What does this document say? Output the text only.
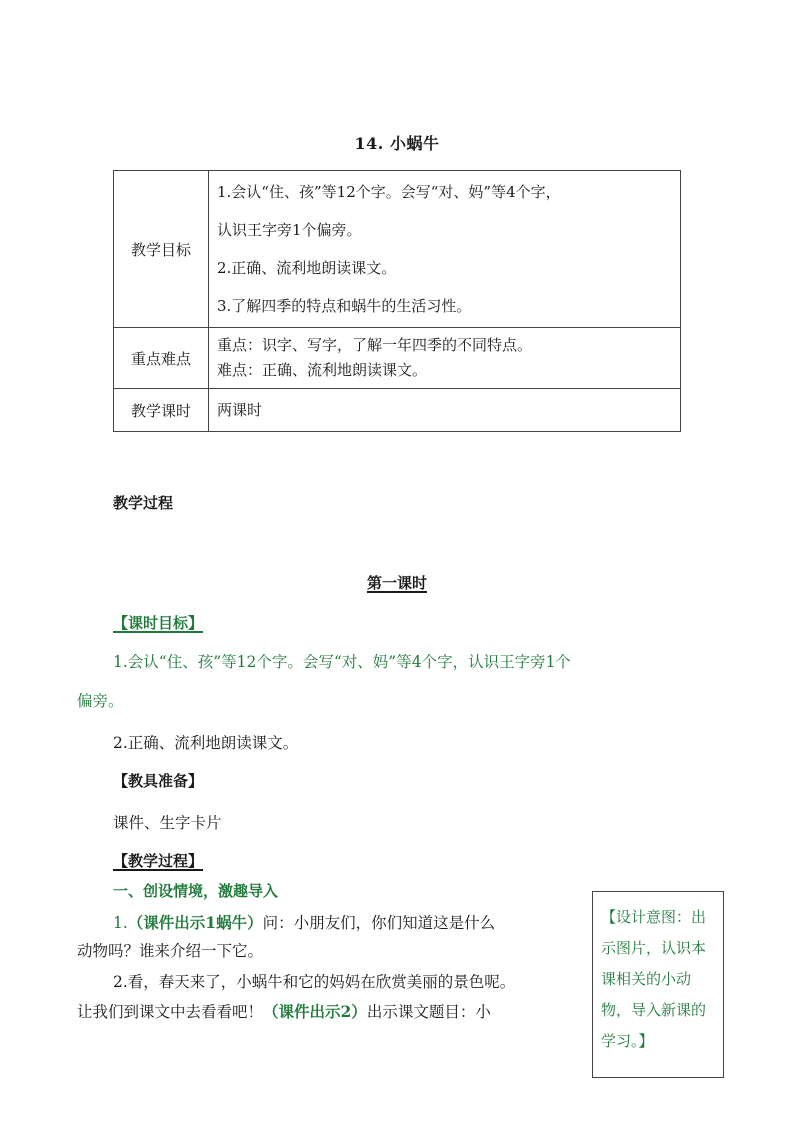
14. 小蜗牛
教学目标	1.会认“住、孩”等12个字。会写“对、妈”等4个字，
认识王字旁1个偏旁。
2.正确、流利地朗读课文。
3.了解四季的特点和蜗牛的生活习性。

重点难点	重点：识字、写字，了解一年四季的不同特点。
难点：正确、流利地朗读课文。

教学课时	两课时
教学过程
第一课时
【课时目标】
1.会认“住、孩”等12个字。会写“对、妈”等4个字，认识王字旁1个
偏旁。
2.正确、流利地朗读课文。
【教具准备】
课件、生字卡片
【教学过程】
一、创设情境，激趣导入
1.（课件出示1蜗牛）问：小朋友们，你们知道这是什么
动物吗？谁来介绍一下它。
2.看，春天来了，小蜗牛和它的妈妈在欣赏美丽的景色呢。
让我们到课文中去看看吧！（课件出示2）出示课文题目：小
【设计意图：出示图片，认识本课相关的小动物，导入新课的学习。】
